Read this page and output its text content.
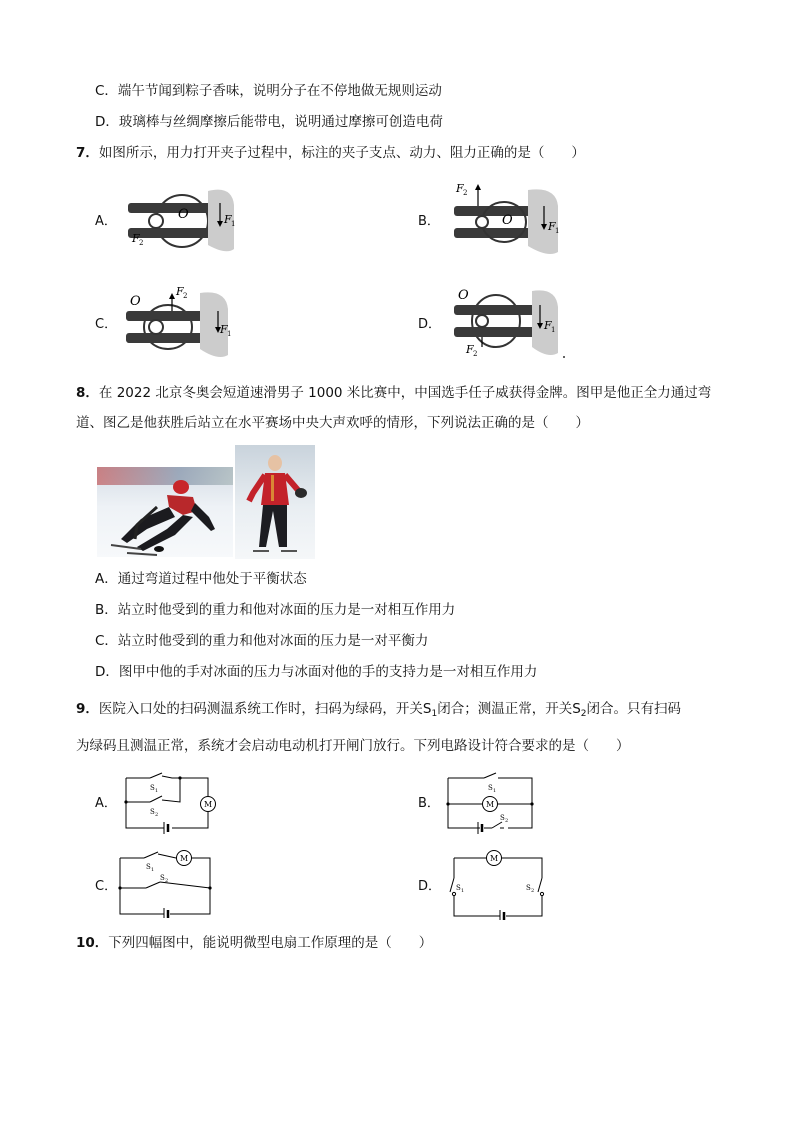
C．端午节闻到粽子香味，说明分子在不停地做无规则运动
D．玻璃棒与丝绸摩擦后能带电，说明通过摩擦可创造电荷
7．如图所示，用力打开夹子过程中，标注的夹子支点、动力、阻力正确的是（　　）
A．	B．
C．	D．
O	F 1
F 2
F 2
O	F 1
O
F 2
F 1
O
F 1
F 2
8．在 2022 北京冬奥会短道速滑男子 1000 米比赛中，中国选手任子威获得金牌。图甲是他正全力通过弯
道、图乙是他获胜后站立在水平赛场中央大声欢呼的情形，下列说法正确的是（　　）
A．通过弯道过程中他处于平衡状态
B．站立时他受到的重力和他对冰面的压力是一对相互作用力
C．站立时他受到的重力和他对冰面的压力是一对平衡力
D．图甲中他的手对冰面的压力与冰面对他的手的支持力是一对相互作用力
9．医院入口处的扫码测温系统工作时，扫码为绿码，开关$S_1$闭合；测温正常，开关$S_2$闭合。只有扫码
为绿码且测温正常，系统才会启动电动机打开闸门放行。下列电路设计符合要求的是（　　）
A．	B．
C．	D．
M
S 1
S 2
M
S 1
S 2
M
S 1
S 2
M
S 1	S 2
10．下列四幅图中，能说明微型电扇工作原理的是（　　）
